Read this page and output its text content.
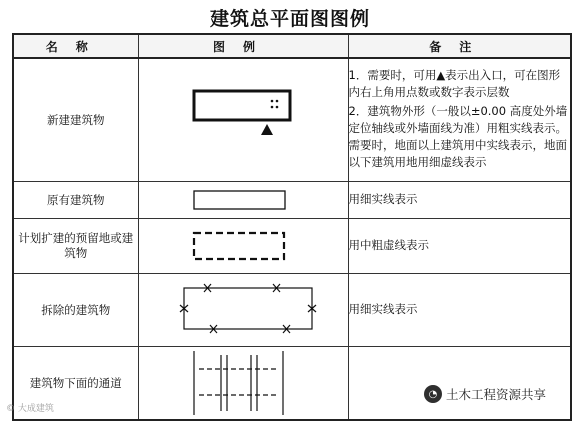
建筑总平面图图例
名称	图例	备注
新建建筑物		1．需要时，可用▲表示出入口，可在图形内右上角用点数或数字表示层数

2．建筑物外形（一般以±0.00 高度处外墙定位轴线或外墙面线为准）用粗实线表示。需要时，地面以上建筑用中实线表示，地面以下建筑用地用细虚线表示

原有建筑物		用细实线表示

计划扩建的预留地或建筑物		用中粗虚线表示

拆除的建筑物		用细实线表示

建筑物下面的通道	

© 大成建筑
◔ 土木工程资源共享
